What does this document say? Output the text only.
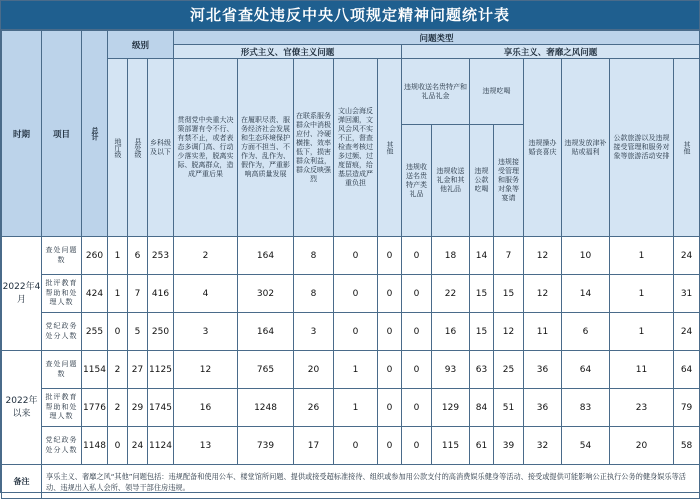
河北省查处违反中央八项规定精神问题统计表
时期	项目	总计	级别			问题类型												
						形式主义、官僚主义问题					享乐主义、奢靡之风问题							

			地厅级	县处级	乡科级及以下	贯彻党中央重大决策部署有令不行、有禁不止，或者表态多调门高、行动少落实差，脱离实际、脱离群众，造成严重后果	在履职尽责、服务经济社会发展和生态环境保护方面不担当、不作为、乱作为、假作为，严重影响高质量发展	在联系服务群众中消极应付、冷硬横推、效率低下，损害群众利益，群众反映强烈	文山会海反弹回潮，文风会风不实不正，督查检查考核过多过频、过度留痕，给基层造成严重负担	其他	违规收送名贵特产和礼品礼金		违规吃喝		违规操办婚丧喜庆	违规发放津补贴或福利	公款旅游以及违规接受管理和服务对象等旅游活动安排	其他

											违规收送名贵特产类礼品	违规收送礼金和其他礼品	违规公款吃喝	违规接受管理和服务对象等宴请				

2022年4月	查处问题数	260	1	6	253	2	164	8	0	0	0	18	14	7	12	10	1	24

	批评教育帮助和处理人数	424	1	7	416	4	302	8	0	0	0	22	15	15	12	14	1	31

	党纪政务处分人数	255	0	5	250	3	164	3	0	0	0	16	15	12	11	6	1	24
2022年以来	查处问题数	1154	2	27	1125	12	765	20	1	0	0	93	63	25	36	64	11	64

	批评教育帮助和处理人数	1776	2	29	1745	16	1248	26	1	0	0	129	84	51	36	83	23	79

	党纪政务处分人数	1148	0	24	1124	13	739	17	0	0	0	115	61	39	32	54	20	58
备注	享乐主义、奢靡之风“其他”问题包括：违规配备和使用公车、楼堂馆所问题、提供或接受超标准接待、组织或参加用公款支付的高消费娱乐健身等活动、接受或提供可能影响公正执行公务的健身娱乐等活动、违规出入私人会所、领导干部住房违规。																	
